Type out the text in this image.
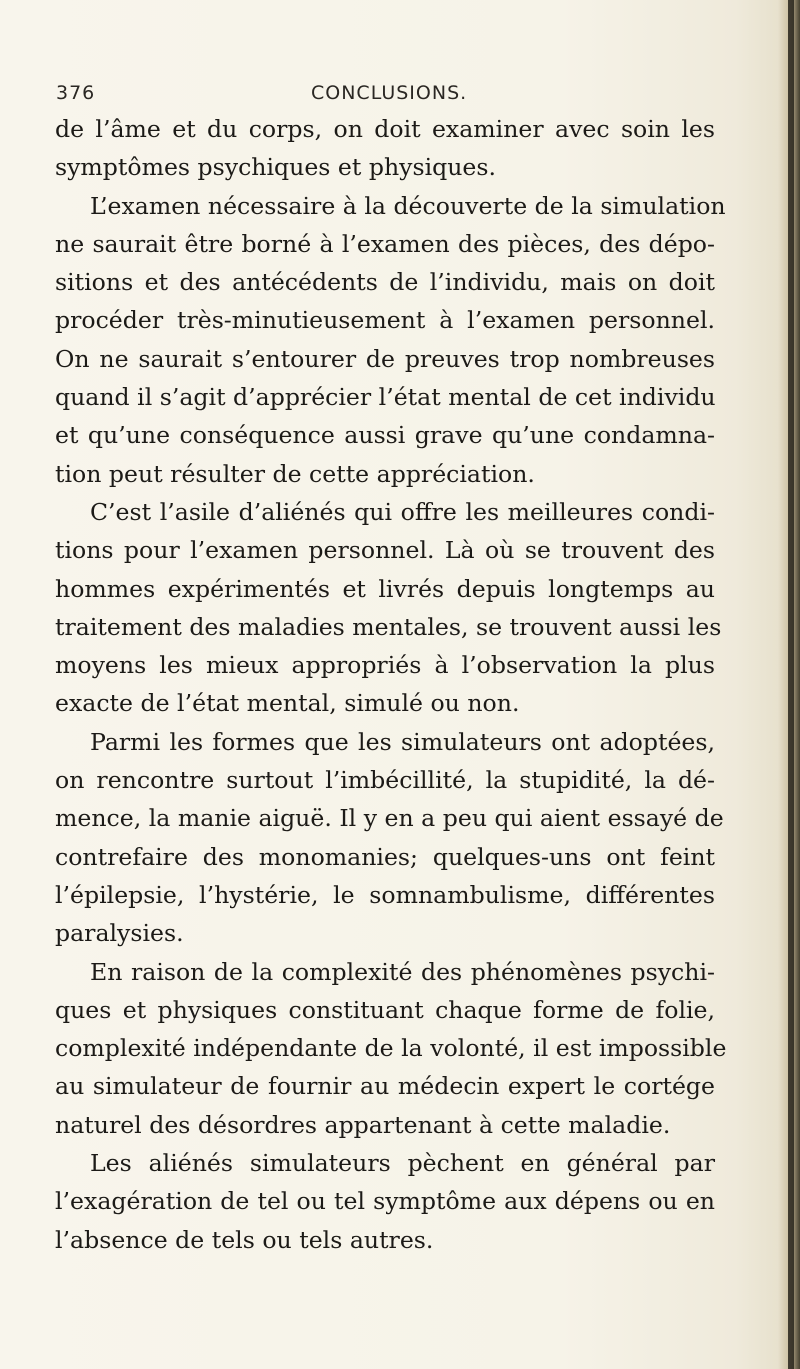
376	CONCLUSIONS.
de l’âme et du corps, on doit examiner avec soin les
symptômes psychiques et physiques.
L’examen nécessaire à la découverte de la simulation
ne saurait être borné à l’examen des pièces, des dépo-
sitions et des antécédents de l’individu, mais on doit
procéder très-minutieusement à l’examen personnel.
On ne saurait s’entourer de preuves trop nombreuses
quand il s’agit d’apprécier l’état mental de cet individu
et qu’une conséquence aussi grave qu’une condamna-
tion peut résulter de cette appréciation.
C’est l’asile d’aliénés qui offre les meilleures condi-
tions pour l’examen personnel. Là où se trouvent des
hommes expérimentés et livrés depuis longtemps au
traitement des maladies mentales, se trouvent aussi les
moyens les mieux appropriés à l’observation la plus
exacte de l’état mental, simulé ou non.
Parmi les formes que les simulateurs ont adoptées,
on rencontre surtout l’imbécillité, la stupidité, la dé-
mence, la manie aiguë. Il y en a peu qui aient essayé de
contrefaire des monomanies; quelques-uns ont feint
l’épilepsie, l’hystérie, le somnambulisme, différentes
paralysies.
En raison de la complexité des phénomènes psychi-
ques et physiques constituant chaque forme de folie,
complexité indépendante de la volonté, il est impossible
au simulateur de fournir au médecin expert le cortége
naturel des désordres appartenant à cette maladie.
Les aliénés simulateurs pèchent en général par
l’exagération de tel ou tel symptôme aux dépens ou en
l’absence de tels ou tels autres.
